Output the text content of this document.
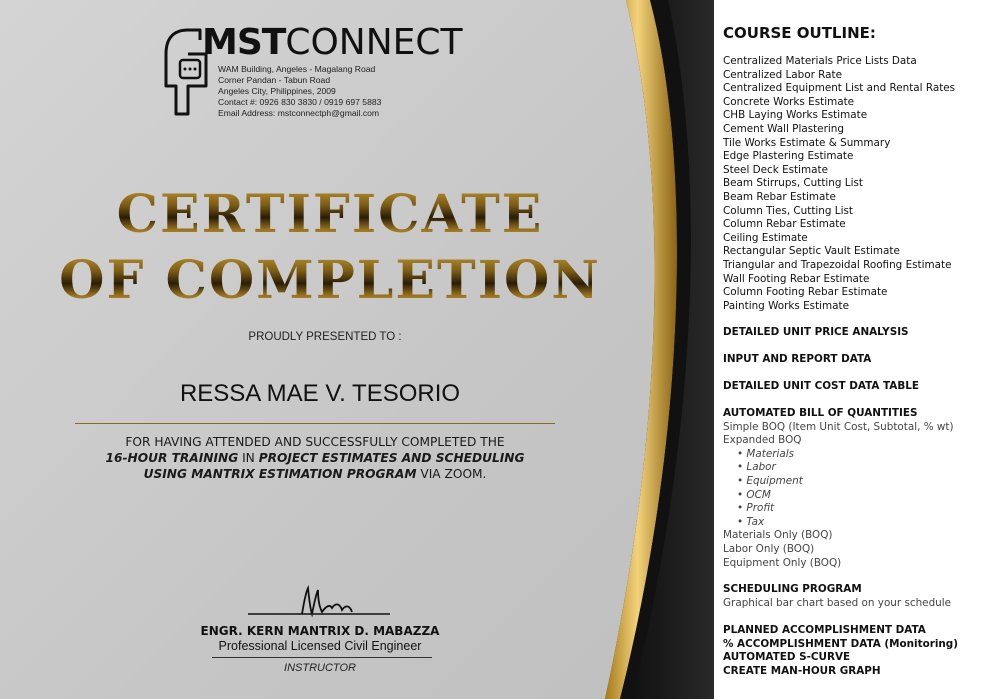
MSTCONNECT
WAM Building, Angeles - Magalang Road
Corner Pandan - Tabun Road
Angeles City, Philippines, 2009
Contact #: 0926 830 3830 / 0919 697 5883
Email Address: mstconnectph@gmail.com
CERTIFICATE
OF COMPLETION
PROUDLY PRESENTED TO :
RESSA MAE V. TESORIO
FOR HAVING ATTENDED AND SUCCESSFULLY COMPLETED THE
16-HOUR TRAINING IN PROJECT ESTIMATES AND SCHEDULING
USING MANTRIX ESTIMATION PROGRAM VIA ZOOM.
ENGR. KERN MANTRIX D. MABAZZA
Professional Licensed Civil Engineer
INSTRUCTOR
COURSE OUTLINE:
Centralized Materials Price Lists Data
Centralized Labor Rate
Centralized Equipment List and Rental Rates
Concrete Works Estimate
CHB Laying Works Estimate
Cement Wall Plastering
Tile Works Estimate & Summary
Edge Plastering Estimate
Steel Deck Estimate
Beam Stirrups, Cutting List
Beam Rebar Estimate
Column Ties, Cutting List
Column Rebar Estimate
Ceiling Estimate
Rectangular Septic Vault Estimate
Triangular and Trapezoidal Roofing Estimate
Wall Footing Rebar Estimate
Column Footing Rebar Estimate
Painting Works Estimate
DETAILED UNIT PRICE ANALYSIS
INPUT AND REPORT DATA
DETAILED UNIT COST DATA TABLE
AUTOMATED BILL OF QUANTITIES
Simple BOQ (Item Unit Cost, Subtotal, % wt)
Expanded BOQ
• Materials
• Labor
• Equipment
• OCM
• Profit
• Tax
Materials Only (BOQ)
Labor Only (BOQ)
Equipment Only (BOQ)
SCHEDULING PROGRAM
Graphical bar chart based on your schedule
PLANNED ACCOMPLISHMENT DATA
% ACCOMPLISHMENT DATA (Monitoring)
AUTOMATED S-CURVE
CREATE MAN-HOUR GRAPH
